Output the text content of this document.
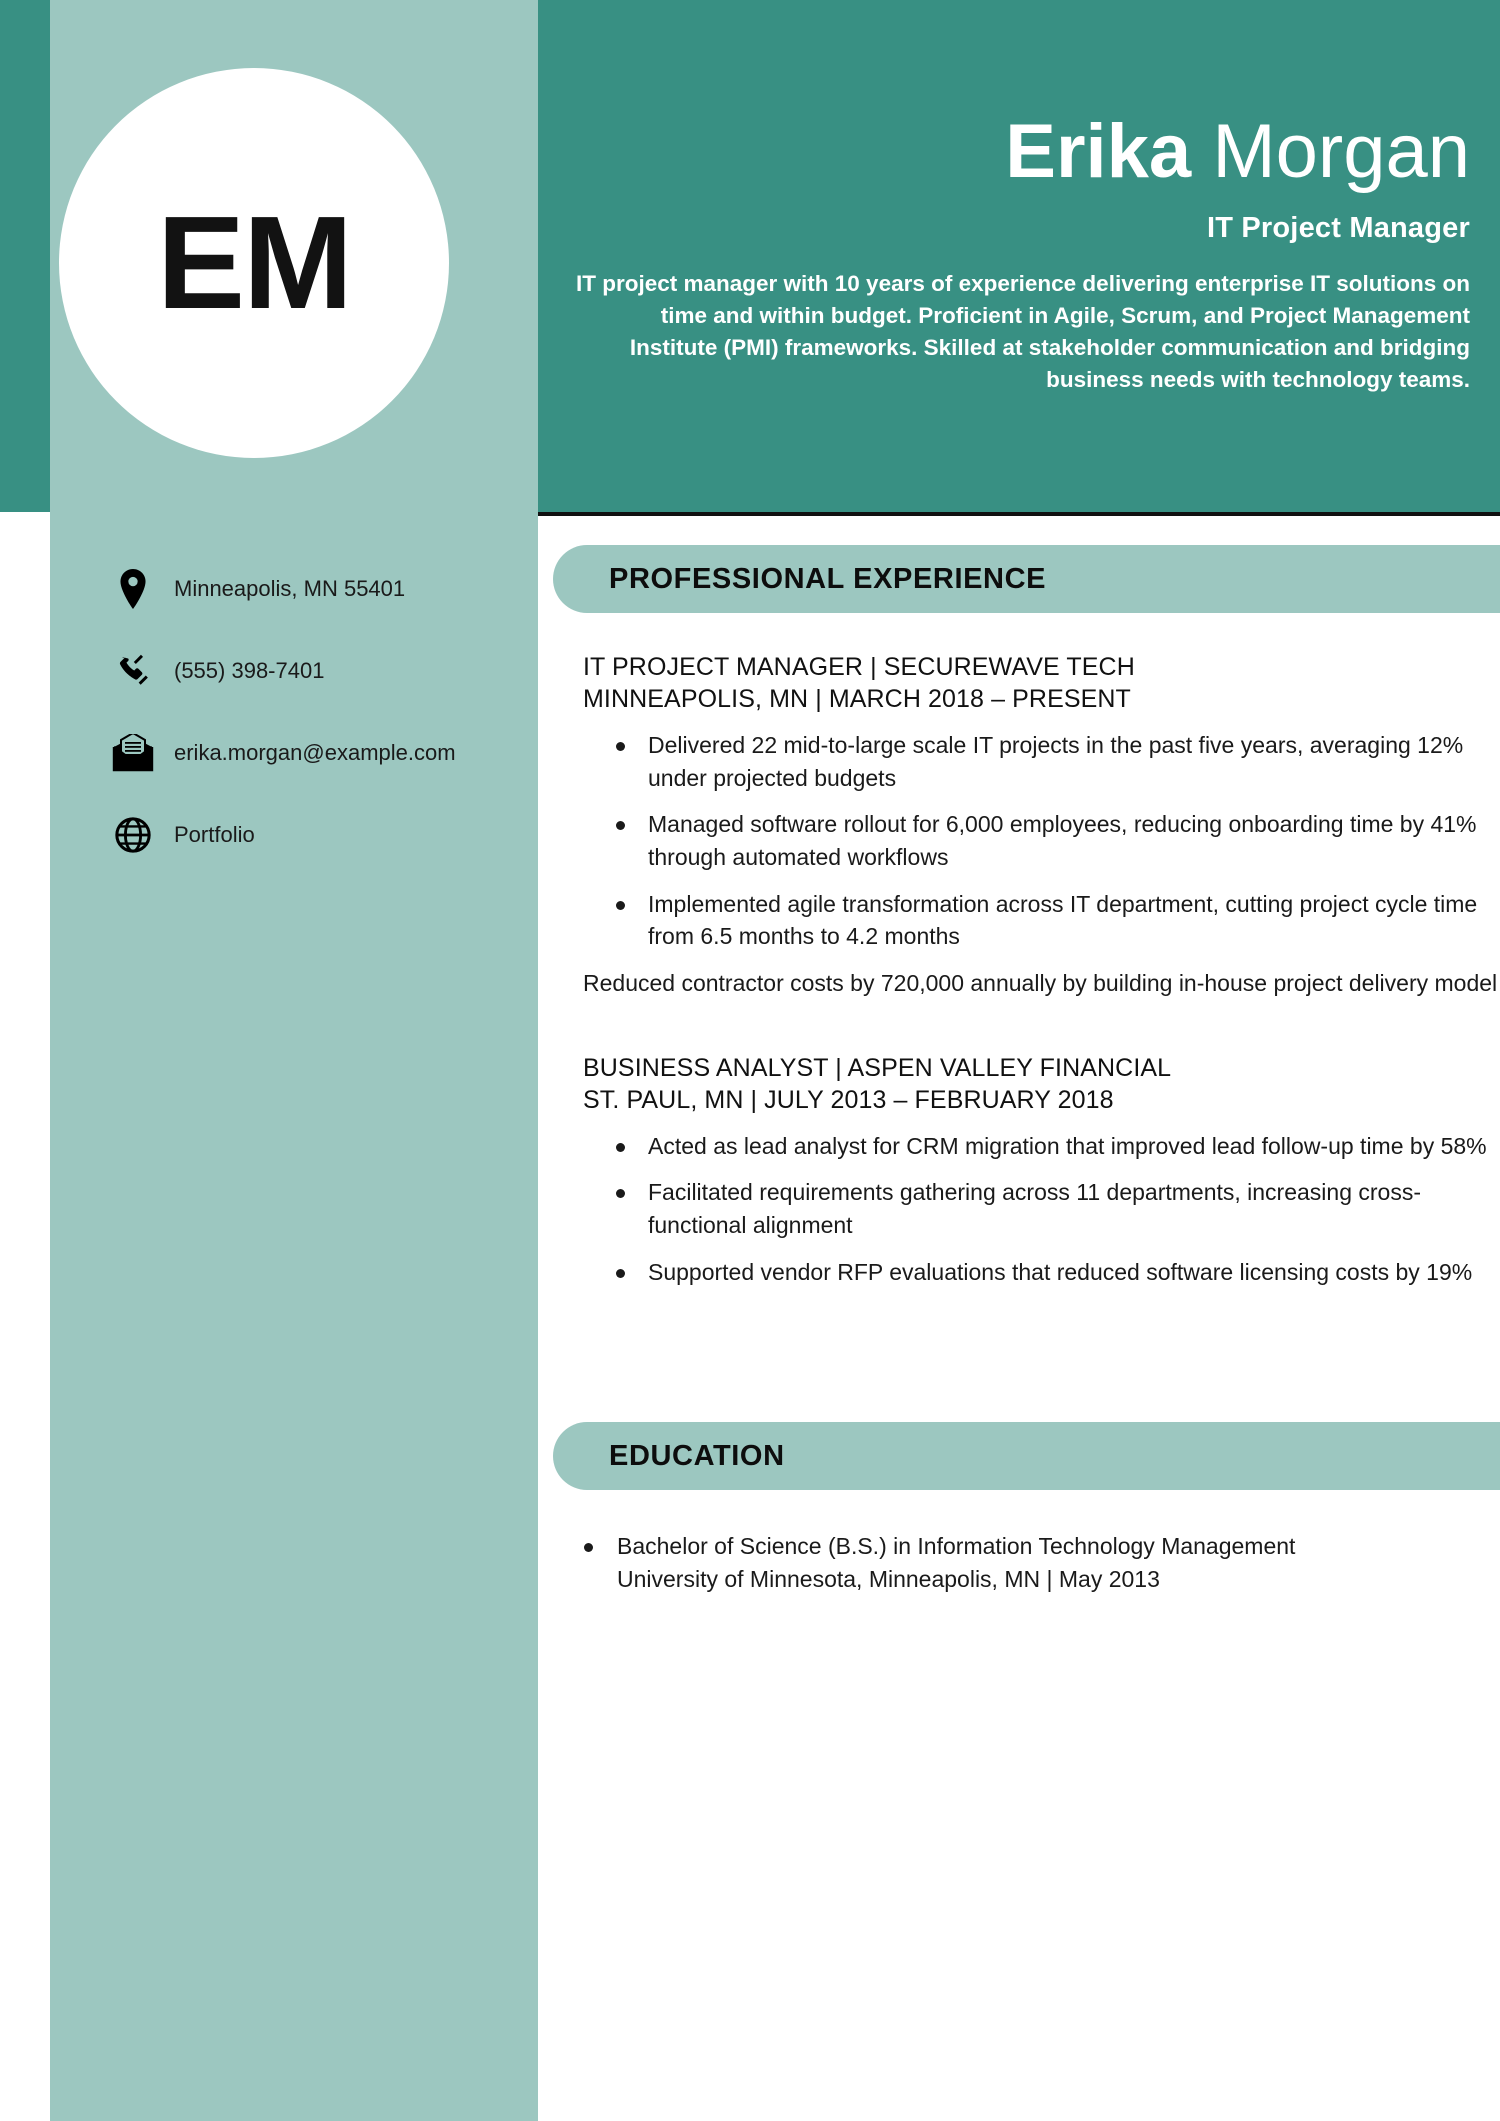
EM
Erika Morgan
IT Project Manager
IT project manager with 10 years of experience delivering enterprise IT solutions on time and within budget. Proficient in Agile, Scrum, and Project Management Institute (PMI) frameworks. Skilled at stakeholder communication and bridging business needs with technology teams.
Minneapolis, MN 55401
(555) 398-7401
erika.morgan@example.com
Portfolio
PROFESSIONAL EXPERIENCE
IT PROJECT MANAGER | SECUREWAVE TECH
MINNEAPOLIS, MN | MARCH 2018 – PRESENT
Delivered 22 mid-to-large scale IT projects in the past five years, averaging 12% under projected budgets
Managed software rollout for 6,000 employees, reducing onboarding time by 41% through automated workflows
Implemented agile transformation across IT department, cutting project cycle time from 6.5 months to 4.2 months
Reduced contractor costs by 720,000 annually by building in-house project delivery model
BUSINESS ANALYST | ASPEN VALLEY FINANCIAL
ST. PAUL, MN | JULY 2013 – FEBRUARY 2018
Acted as lead analyst for CRM migration that improved lead follow-up time by 58%
Facilitated requirements gathering across 11 departments, increasing cross-functional alignment
Supported vendor RFP evaluations that reduced software licensing costs by 19%
EDUCATION
Bachelor of Science (B.S.) in Information Technology Management
University of Minnesota, Minneapolis, MN | May 2013
